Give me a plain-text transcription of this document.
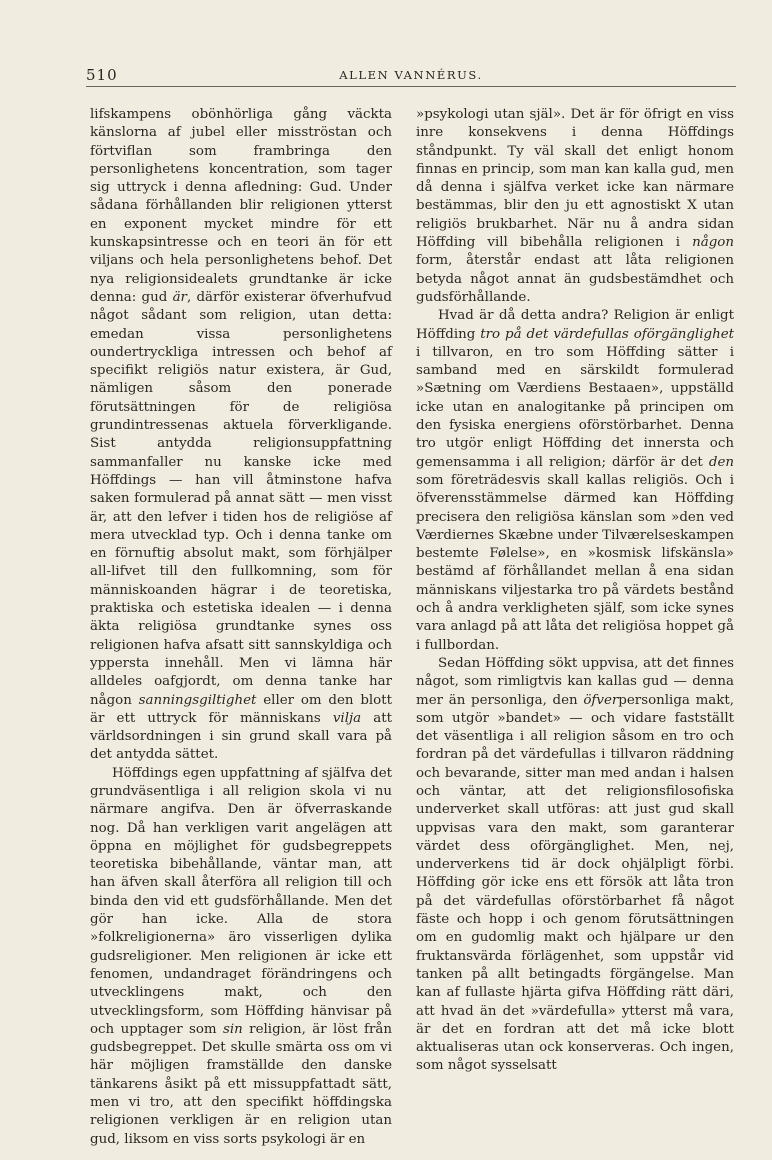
510	ALLEN VANNÉRUS.

lifskampens obönhörliga gång väckta känslorna af jubel eller misströstan och förtviflan som frambringa den personlighetens koncentration, som tager sig uttryck i denna afledning: Gud. Under sådana förhållanden blir religionen ytterst en exponent mycket mindre för ett kunskapsintresse och en teori än för ett viljans och hela personlighetens behof. Det nya religionsidealets grundtanke är icke denna: gud är, därför existerar öfverhufvud något sådant som religion, utan detta: emedan vissa personlighetens oundertryckliga intressen och behof af specifikt religiös natur existera, är Gud, nämligen såsom den ponerade förutsättningen för de religiösa grundintressenas aktuela förverkligande. Sist antydda religionsuppfattning sammanfaller nu kanske icke med Höffdings — han vill åtminstone hafva saken formulerad på annat sätt — men visst är, att den lefver i tiden hos de religiöse af mera utvecklad typ. Och i denna tanke om en förnuftig absolut makt, som förhjälper all-lifvet till den fullkomning, som för människoanden hägrar i de teoretiska, praktiska och estetiska idealen — i denna äkta religiösa grundtanke synes oss religionen hafva afsatt sitt sannskyldiga och yppersta innehåll. Men vi lämna här alldeles oafgjordt, om denna tanke har någon sanningsgiltighet eller om den blott är ett uttryck för människans vilja att världsordningen i sin grund skall vara på det antydda sättet.

Höffdings egen uppfattning af själfva det grundväsentliga i all religion skola vi nu närmare angifva. Den är öfverraskande nog. Då han verkligen varit angelägen att öppna en möjlighet för gudsbegreppets teoretiska bibehållande, väntar man, att han äfven skall återföra all religion till och binda den vid ett gudsförhållande. Men det gör han icke. Alla de stora »folkreligionerna» äro visserligen dylika gudsreligioner. Men religionen är icke ett fenomen, undandraget förändringens och utvecklingens makt, och den utvecklingsform, som Höffding hänvisar på och upptager som sin religion, är löst från gudsbegreppet. Det skulle smärta oss om vi här möjligen framställde den danske tänkarens åsikt på ett missuppfattadt sätt, men vi tro, att den specifikt höffdingska religionen verkligen är en religion utan gud, liksom en viss sorts psykologi är en

»psykologi utan själ». Det är för öfrigt en viss inre konsekvens i denna Höffdings ståndpunkt. Ty väl skall det enligt honom finnas en princip, som man kan kalla gud, men då denna i själfva verket icke kan närmare bestämmas, blir den ju ett agnostiskt X utan religiös brukbarhet. När nu å andra sidan Höffding vill bibehålla religionen i någon form, återstår endast att låta religionen betyda något annat än gudsbestämdhet och gudsförhållande.

Hvad är då detta andra? Religion är enligt Höffding tro på det värdefullas oförgänglighet i tillvaron, en tro som Höffding sätter i samband med en särskildt formulerad »Sætning om Værdiens Bestaaen», uppställd icke utan en analogitanke på principen om den fysiska energiens oförstörbarhet. Denna tro utgör enligt Höffding det innersta och gemensamma i all religion; därför är det den som företrädesvis skall kallas religiös. Och i öfverensstämmelse därmed kan Höffding precisera den religiösa känslan som »den ved Værdiernes Skæbne under Tilværelseskampen bestemte Følelse», en »kosmisk lifskänsla» bestämd af förhållandet mellan å ena sidan människans viljestarka tro på värdets bestånd och å andra verkligheten själf, som icke synes vara anlagd på att låta det religiösa hoppet gå i fullbordan.

Sedan Höffding sökt uppvisa, att det finnes något, som rimligtvis kan kallas gud — denna mer än personliga, den öfverpersonliga makt, som utgör »bandet» — och vidare fastställt det väsentliga i all religion såsom en tro och fordran på det värdefullas i tillvaron räddning och bevarande, sitter man med andan i halsen och väntar, att det religionsfilosofiska underverket skall utföras: att just gud skall uppvisas vara den makt, som garanterar värdet dess oförgänglighet. Men, nej, underverkens tid är dock ohjälpligt förbi. Höffding gör icke ens ett försök att låta tron på det värdefullas oförstörbarhet få något fäste och hopp i och genom förutsättningen om en gudomlig makt och hjälpare ur den fruktansvärda förlägenhet, som uppstår vid tanken på allt betingadts förgängelse. Man kan af fullaste hjärta gifva Höffding rätt däri, att hvad än det »värdefulla» ytterst må vara, är det en fordran att det må icke blott aktualiseras utan ock konserveras. Och ingen, som något sysselsatt
